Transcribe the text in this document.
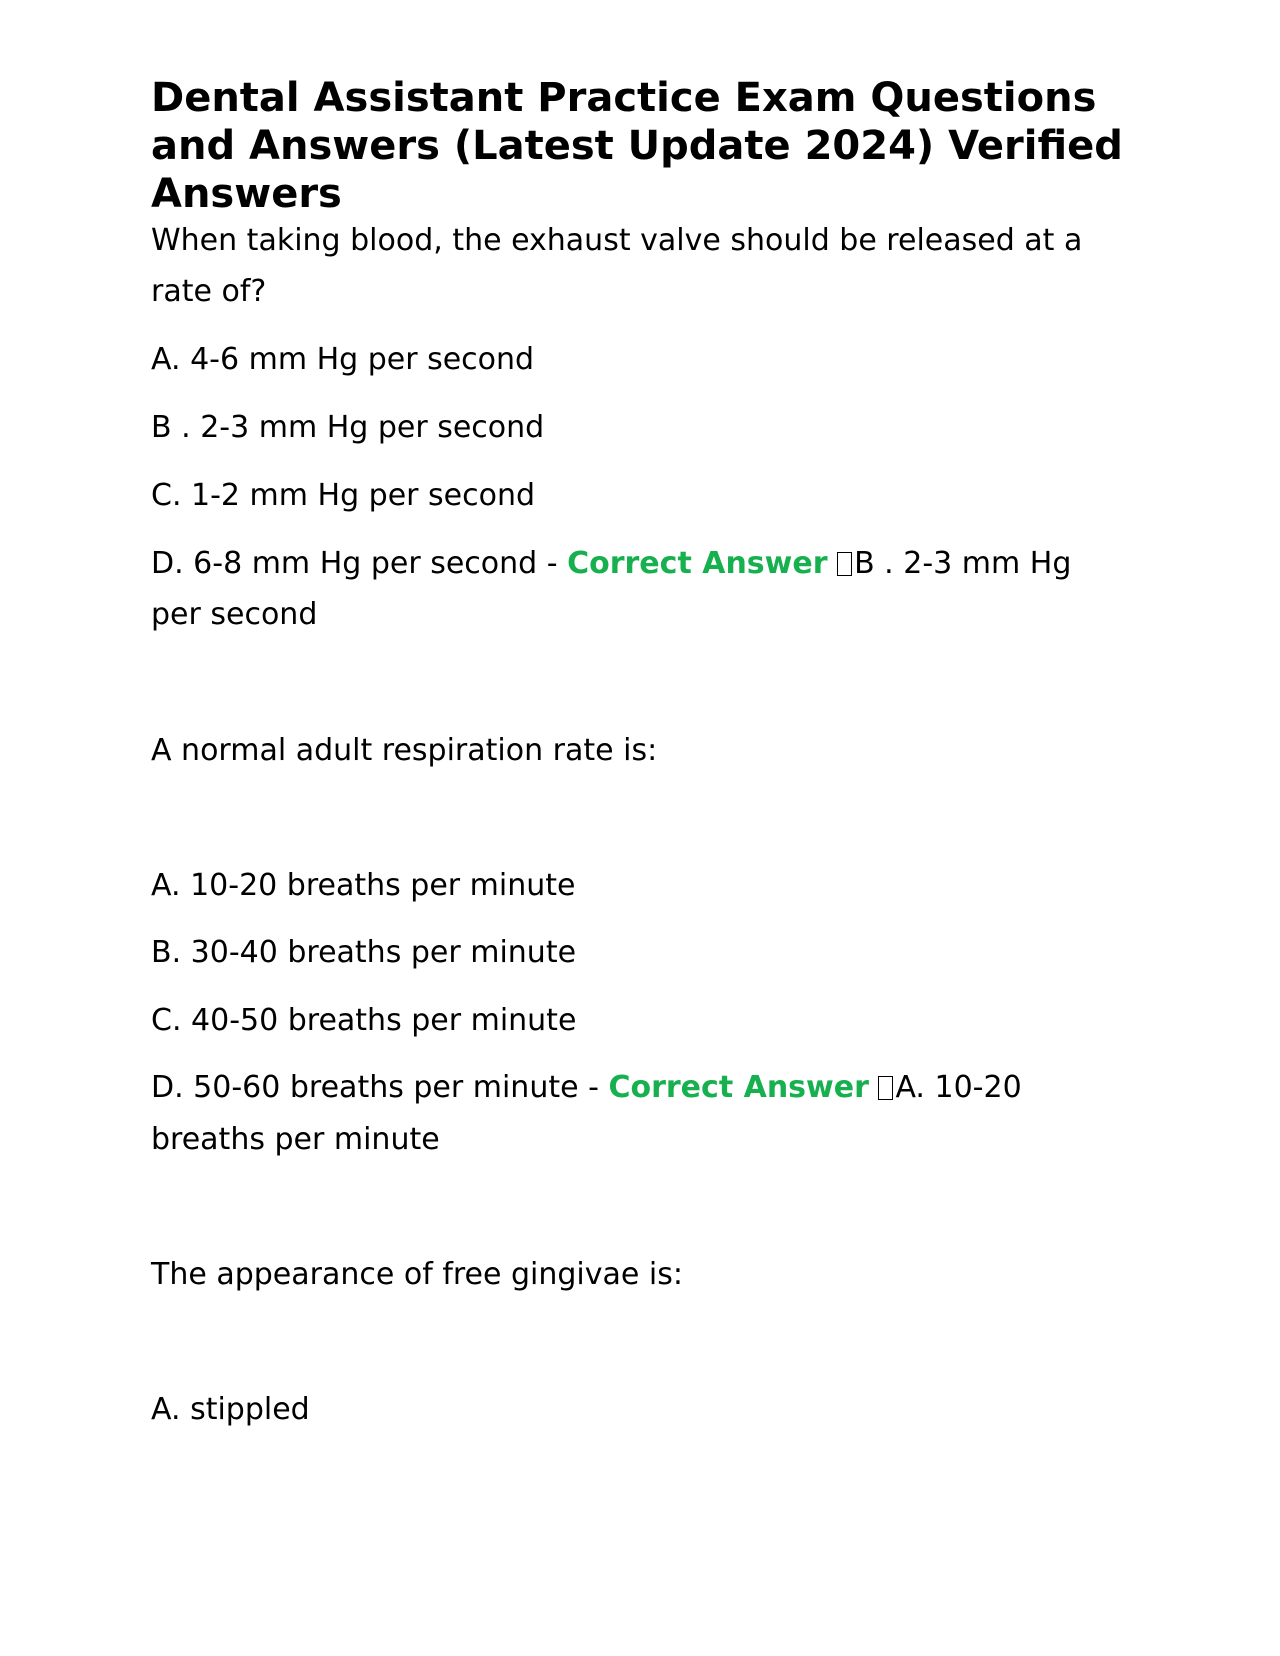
Dental Assistant Practice Exam Questions and Answers (Latest Update 2024) Verified Answers

When taking blood, the exhaust valve should be released at a

rate of?

A. 4-6 mm Hg per second

B . 2-3 mm Hg per second

C. 1-2 mm Hg per second

D. 6-8 mm Hg per second - Correct Answer B . 2-3 mm Hg

per second

A normal adult respiration rate is:

A. 10-20 breaths per minute

B. 30-40 breaths per minute

C. 40-50 breaths per minute

D. 50-60 breaths per minute - Correct Answer A. 10-20

breaths per minute

The appearance of free gingivae is:

A. stippled
